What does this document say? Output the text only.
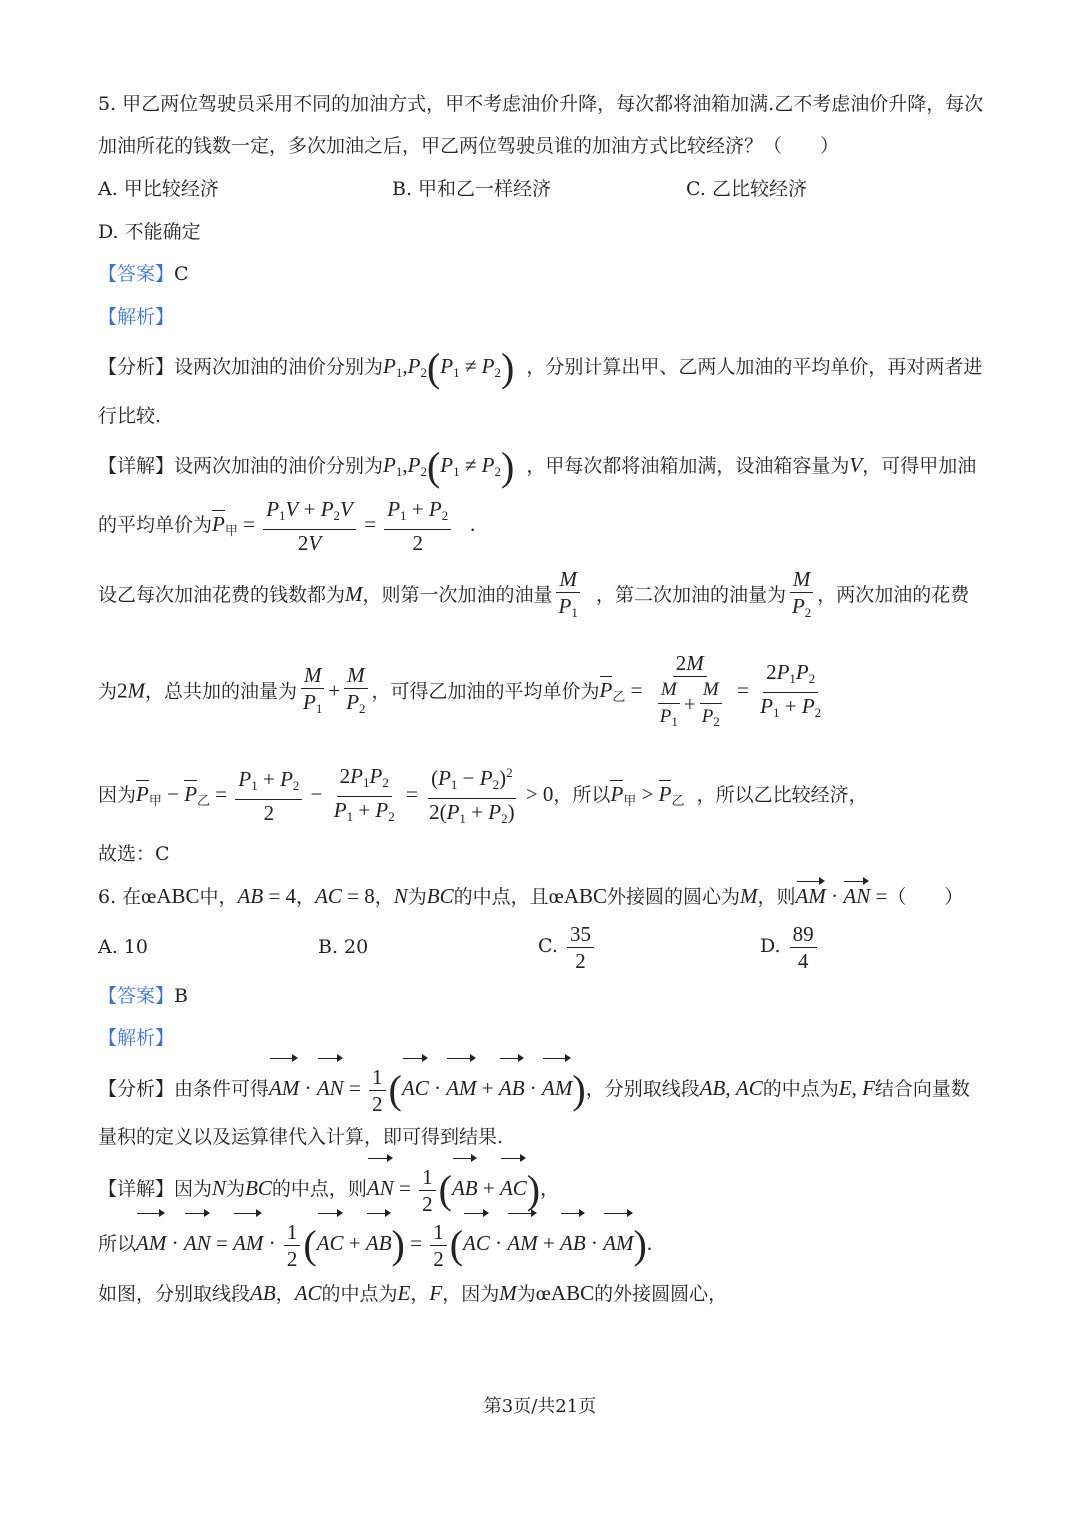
5. 甲乙两位驾驶员采用不同的加油方式，甲不考虑油价升降，每次都将油箱加满.乙不考虑油价升降，每次
加油所花的钱数一定，多次加油之后，甲乙两位驾驶员谁的加油方式比较经济？（　　）
A. 甲比较经济	B. 甲和乙一样经济	C. 乙比较经济
D. 不能确定
【答案】C
【解析】
【分析】设两次加油的油价分别为$P_1,P_2(P_1 \ne P_2)$ ，分别计算出甲、乙两人加油的平均单价，再对两者进
行比较.
【详解】设两次加油的油价分别为$P_1,P_2(P_1 \ne P_2)$ ，甲每次都将油箱加满，设油箱容量为V，可得甲加油
的平均单价为$P_甲 = \frac{P_1V + P_2V}{2V} = \frac{P_1 + P_2}{2}$ .
设乙每次加油花费的钱数都为M，则第一次加油的油量 $\frac{M}{P_1}$ ，第二次加油的油量为 $\frac{M}{P_2}$ ，两次加油的花费
为2M，总共加的油量为 $\frac{M}{P_1} + \frac{M}{P_2}$ ，可得乙加油的平均单价为$P_乙 = \frac{2M}{\frac{M}{P_1} + \frac{M}{P_2}} = \frac{2P_1P_2}{P_1 + P_2}$
因为$P_甲 - P_乙 = \frac{P_1 + P_2}{2} - \frac{2P_1P_2}{P_1 + P_2} = \frac{(P_1 - P_2)^2}{2(P_1 + P_2)} > 0$，所以$P_甲 > P_乙$ ，所以乙比较经济，
故选：C
6. 在œABC中，AB = 4，AC = 8，N为BC的中点，且œABC外接圆的圆心为M，则AM · AN =（　　）
A. 10	B. 20	C. $\frac{35}{2}$	D. $\frac{89}{4}$
【答案】B
【解析】
【分析】由条件可得AM · AN = $\frac{1}{2} (AC$ · AM + AB · AM)，分别取线段AB, AC的中点为E, F结合向量数
量积的定义以及运算律代入计算，即可得到结果.
【详解】因为N为BC的中点，则AN = $\frac{1}{2} (AB + AC)$，
所以AM · AN = AM · $\frac{1}{2} (AC + AB) = \frac{1}{2} (AC$ · AM + AB · AM).
如图，分别取线段AB，AC的中点为E，F，因为M为œABC的外接圆圆心，
第3页/共21页
